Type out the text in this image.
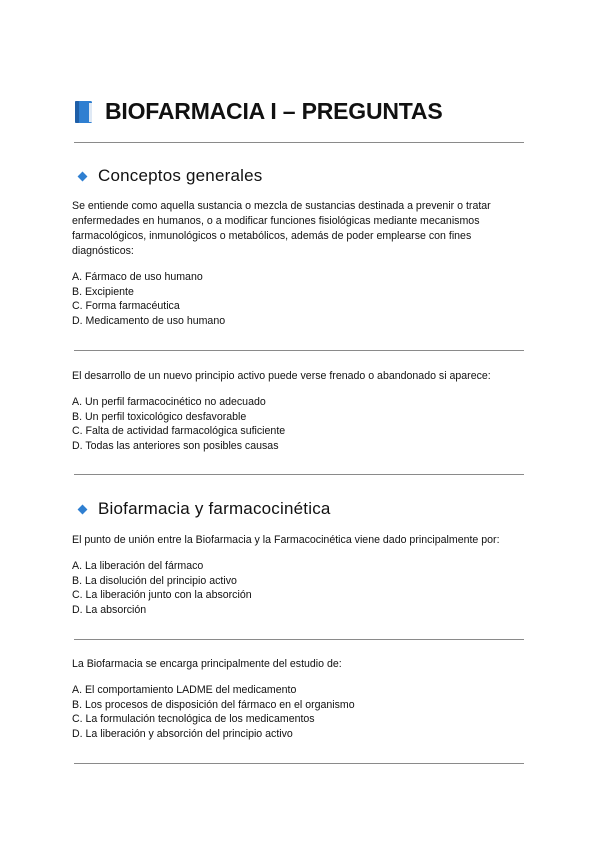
BIOFARMACIA I – PREGUNTAS
Conceptos generales
Se entiende como aquella sustancia o mezcla de sustancias destinada a prevenir o tratar enfermedades en humanos, o a modificar funciones fisiológicas mediante mecanismos farmacológicos, inmunológicos o metabólicos, además de poder emplearse con fines diagnósticos:
A. Fármaco de uso humano
B. Excipiente
C. Forma farmacéutica
D. Medicamento de uso humano
El desarrollo de un nuevo principio activo puede verse frenado o abandonado si aparece:
A. Un perfil farmacocinético no adecuado
B. Un perfil toxicológico desfavorable
C. Falta de actividad farmacológica suficiente
D. Todas las anteriores son posibles causas
Biofarmacia y farmacocinética
El punto de unión entre la Biofarmacia y la Farmacocinética viene dado principalmente por:
A. La liberación del fármaco
B. La disolución del principio activo
C. La liberación junto con la absorción
D. La absorción
La Biofarmacia se encarga principalmente del estudio de:
A. El comportamiento LADME del medicamento
B. Los procesos de disposición del fármaco en el organismo
C. La formulación tecnológica de los medicamentos
D. La liberación y absorción del principio activo
